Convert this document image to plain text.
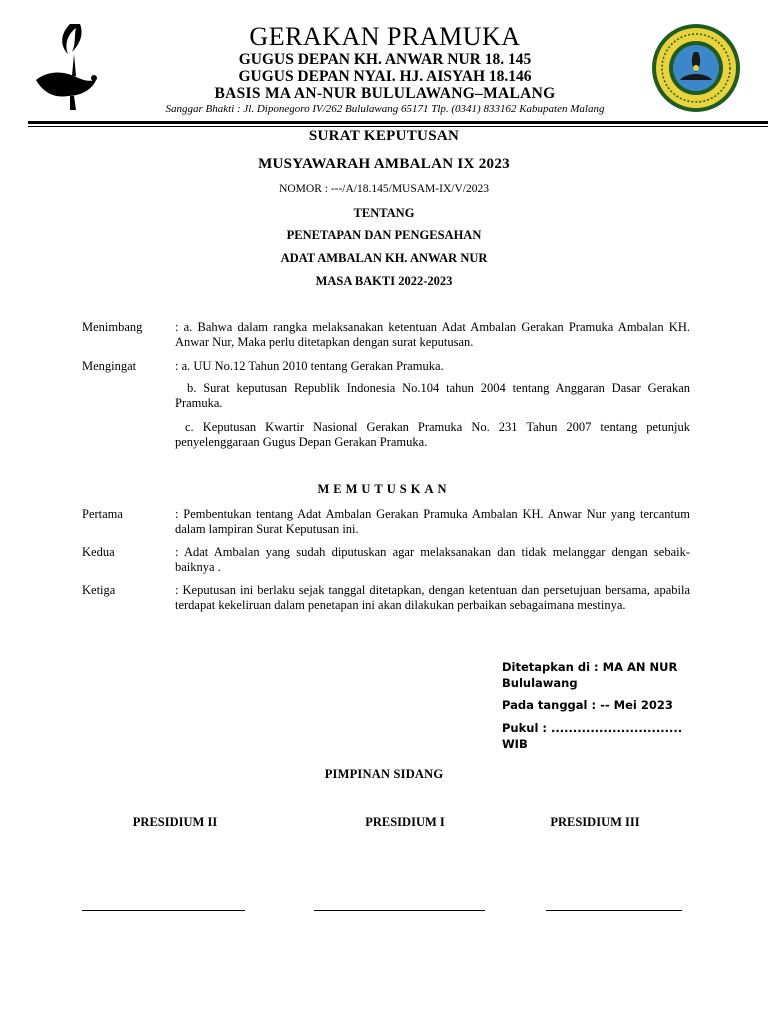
GERAKAN PRAMUKA
GUGUS DEPAN KH. ANWAR NUR 18. 145
GUGUS DEPAN NYAI. HJ. AISYAH 18.146
BASIS MA AN-NUR BULULAWANG–MALANG
Sanggar Bhakti : Jl. Diponegoro IV/262 Bululawang 65171 Tlp. (0341) 833162 Kabupaten Malang
SURAT KEPUTUSAN
MUSYAWARAH AMBALAN IX 2023
NOMOR : ---/A/18.145/MUSAM-IX/V/2023
TENTANG
PENETAPAN DAN PENGESAHAN
ADAT AMBALAN KH. ANWAR NUR
MASA BAKTI 2022-2023
Menimbang	: a. Bahwa dalam rangka melaksanakan ketentuan Adat Ambalan Gerakan Pramuka Ambalan KH. Anwar Nur, Maka perlu ditetapkan dengan surat keputusan.
Mengingat	: a. UU No.12 Tahun 2010 tentang Gerakan Pramuka.
b. Surat keputusan Republik Indonesia No.104 tahun 2004 tentang Anggaran Dasar Gerakan Pramuka.
c. Keputusan Kwartir Nasional Gerakan Pramuka No. 231 Tahun 2007 tentang petunjuk penyelenggaraan Gugus Depan Gerakan Pramuka.
MEMUTUSKAN
Pertama	: Pembentukan tentang Adat Ambalan Gerakan Pramuka Ambalan KH. Anwar Nur yang tercantum dalam lampiran Surat Keputusan ini.
Kedua	: Adat Ambalan yang sudah diputuskan agar melaksanakan dan tidak melanggar dengan sebaik-baiknya .
Ketiga	: Keputusan ini berlaku sejak tanggal ditetapkan, dengan ketentuan dan persetujuan bersama, apabila terdapat kekeliruan dalam penetapan ini akan dilakukan perbaikan sebagaimana mestinya.
Ditetapkan di : MA AN NUR Bululawang
Pada tanggal : -- Mei 2023
Pukul : .............................. WIB
PIMPINAN SIDANG
PRESIDIUM II	PRESIDIUM I	PRESIDIUM III
